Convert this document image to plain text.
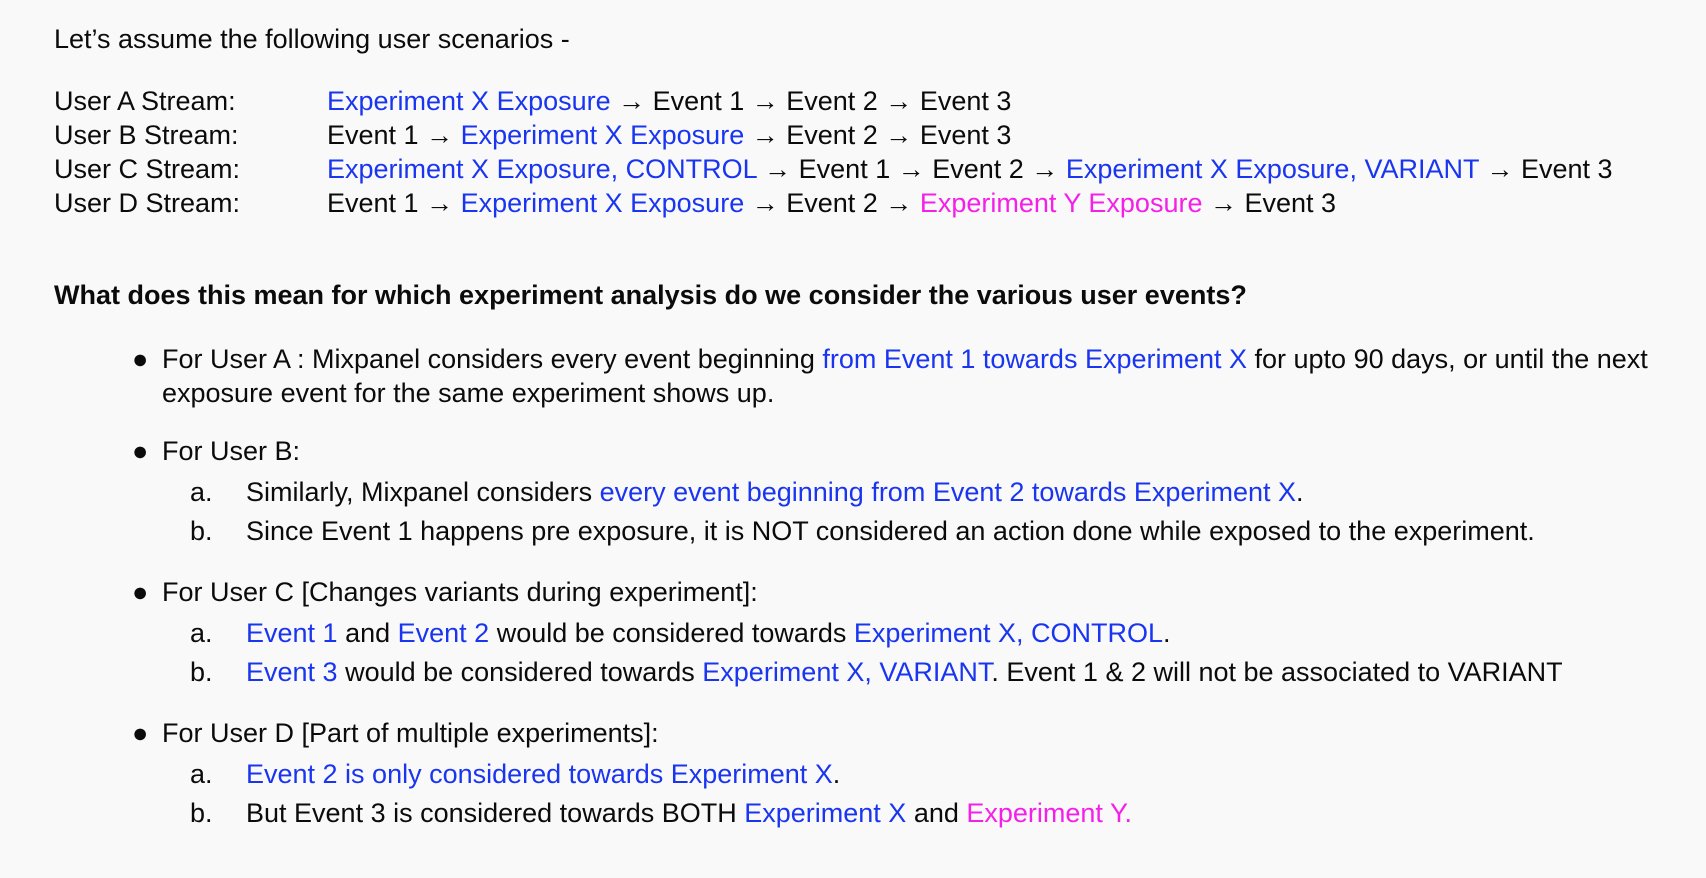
Let’s assume the following user scenarios -

User A Stream:	Experiment X Exposure → Event 1 → Event 2 → Event 3
User B Stream:	Event 1 → Experiment X Exposure → Event 2 → Event 3
User C Stream:	Experiment X Exposure, CONTROL → Event 1 → Event 2 → Experiment X Exposure, VARIANT → Event 3
User D Stream:	Event 1 → Experiment X Exposure → Event 2 → Experiment Y Exposure → Event 3

What does this mean for which experiment analysis do we consider the various user events?

● For User A : Mixpanel considers every event beginning from Event 1 towards Experiment X for upto 90 days, or until the next exposure event for the same experiment shows up.
● For User B:
a. Similarly, Mixpanel considers every event beginning from Event 2 towards Experiment X.
b. Since Event 1 happens pre exposure, it is NOT considered an action done while exposed to the experiment.
● For User C [Changes variants during experiment]:
a. Event 1 and Event 2 would be considered towards Experiment X, CONTROL.
b. Event 3 would be considered towards Experiment X, VARIANT. Event 1 & 2 will not be associated to VARIANT
● For User D [Part of multiple experiments]:
a. Event 2 is only considered towards Experiment X.
b. But Event 3 is considered towards BOTH Experiment X and Experiment Y.
